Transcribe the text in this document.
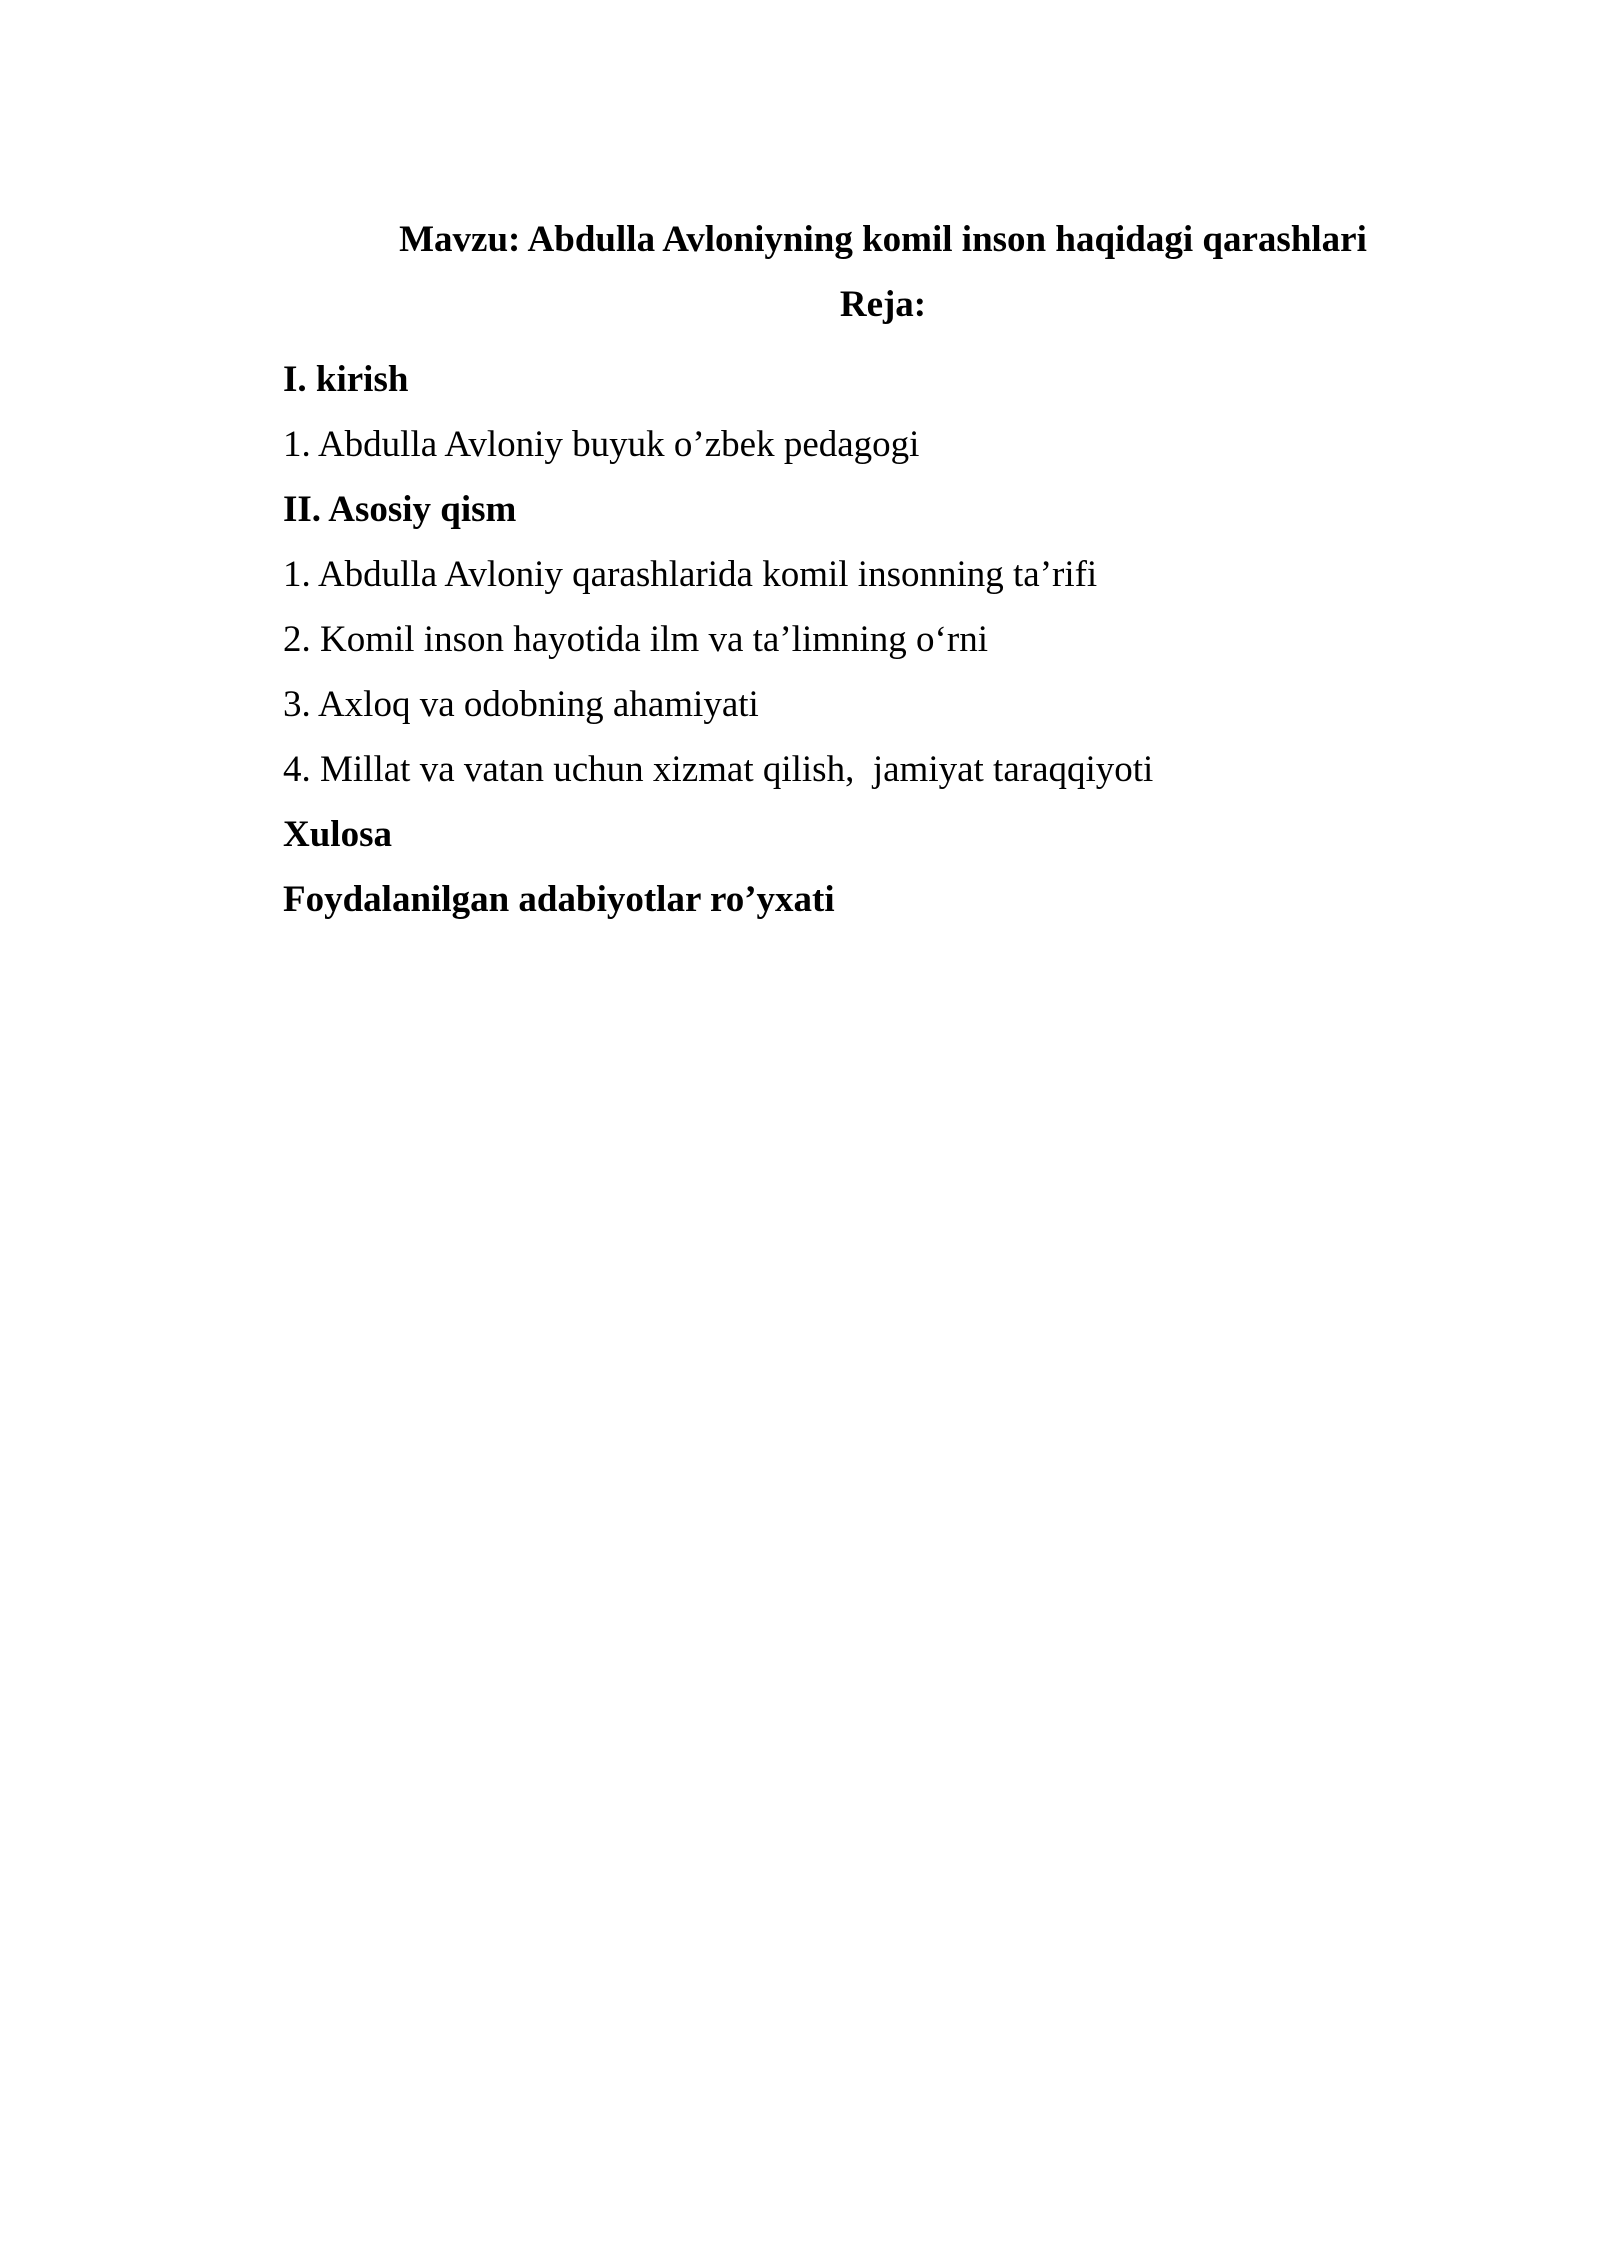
Mavzu: Abdulla Avloniyning komil inson haqidagi qarashlari
Reja:
I. kirish
1. Abdulla Avloniy buyuk o’zbek pedagogi
II. Asosiy qism
1. Abdulla Avloniy qarashlarida komil insonning ta’rifi
2. Komil inson hayotida ilm va ta’limning o‘rni
3. Axloq va odobning ahamiyati
4. Millat va vatan uchun xizmat qilish,  jamiyat taraqqiyoti
Xulosa
Foydalanilgan adabiyotlar ro’yxati
